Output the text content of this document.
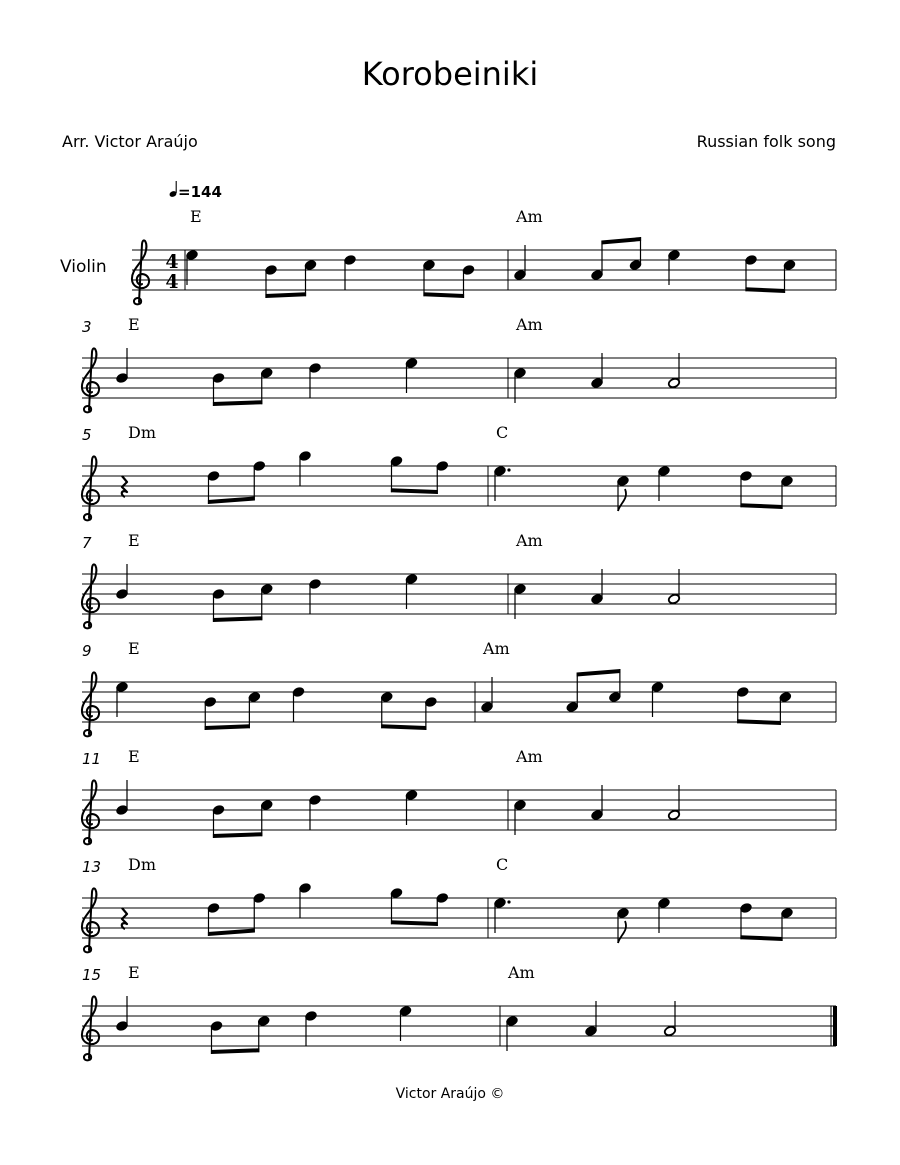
Korobeiniki
Arr. Victor Araújo	Russian folk song
=144
Violin	4
4
E	Am
3 E	Am
5 Dm	C
7 E	Am
9 E	Am
11 E	Am
13 Dm	C
15 E	Am
Victor Araújo ©
